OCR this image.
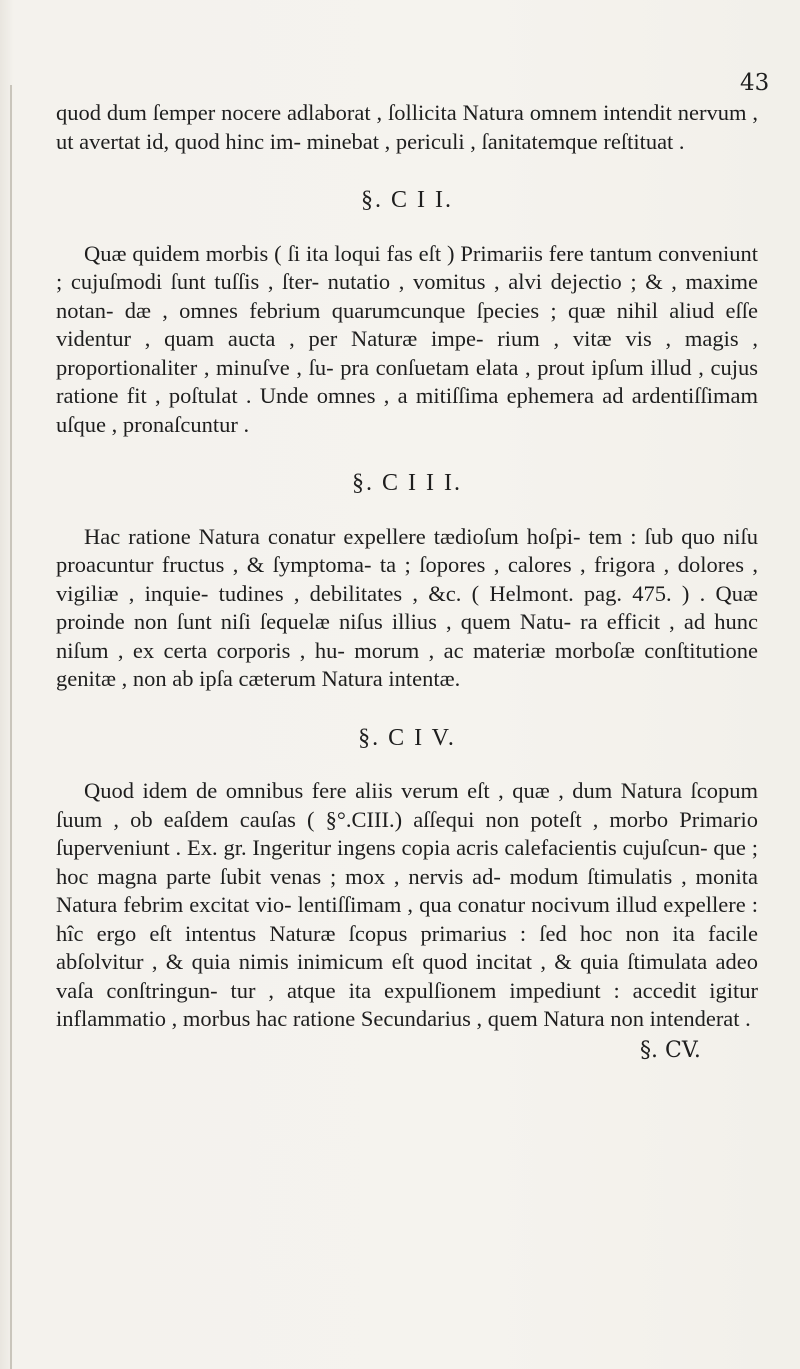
43

quod dum ſemper nocere adlaborat , ſollicita Natura omnem intendit nervum , ut avertat id, quod hinc im- minebat , periculi , ſanitatemque reſtituat .

§. C I I.

Quæ quidem morbis ( ſi ita loqui fas eſt ) Primariis fere tantum conveniunt ; cujuſmodi ſunt tuſſis , ſter- nutatio , vomitus , alvi dejectio ; & , maxime notan- dæ , omnes febrium quarumcunque ſpecies ; quæ nihil aliud eſſe videntur , quam aucta , per Naturæ impe- rium , vitæ vis , magis , proportionaliter , minuſve , ſu- pra conſuetam elata , prout ipſum illud , cujus ratione fit , poſtulat . Unde omnes , a mitiſſima ephemera ad ardentiſſimam uſque , pronaſcuntur .

§. C I I I.

Hac ratione Natura conatur expellere tædioſum hoſpi- tem : ſub quo niſu proacuntur fructus , & ſymptoma- ta ; ſopores , calores , frigora , dolores , vigiliæ , inquie- tudines , debilitates , &c. ( Helmont. pag. 475. ) . Quæ proinde non ſunt niſi ſequelæ niſus illius , quem Natu- ra efficit , ad hunc niſum , ex certa corporis , hu- morum , ac materiæ morboſæ conſtitutione genitæ , non ab ipſa cæterum Natura intentæ.

§. C I V.

Quod idem de omnibus fere aliis verum eſt , quæ , dum Natura ſcopum ſuum , ob eaſdem cauſas ( §°.CIII.) aſſequi non poteſt , morbo Primario ſuperveniunt . Ex. gr. Ingeritur ingens copia acris calefacientis cujuſcun- que ; hoc magna parte ſubit venas ; mox , nervis ad- modum ſtimulatis , monita Natura febrim excitat vio- lentiſſimam , qua conatur nocivum illud expellere : hîc ergo eſt intentus Naturæ ſcopus primarius : ſed hoc non ita facile abſolvitur , & quia nimis inimicum eſt quod incitat , & quia ſtimulata adeo vaſa conſtringun- tur , atque ita expulſionem impediunt : accedit igitur inflammatio , morbus hac ratione Secundarius , quem Natura non intenderat .

§. CV.
